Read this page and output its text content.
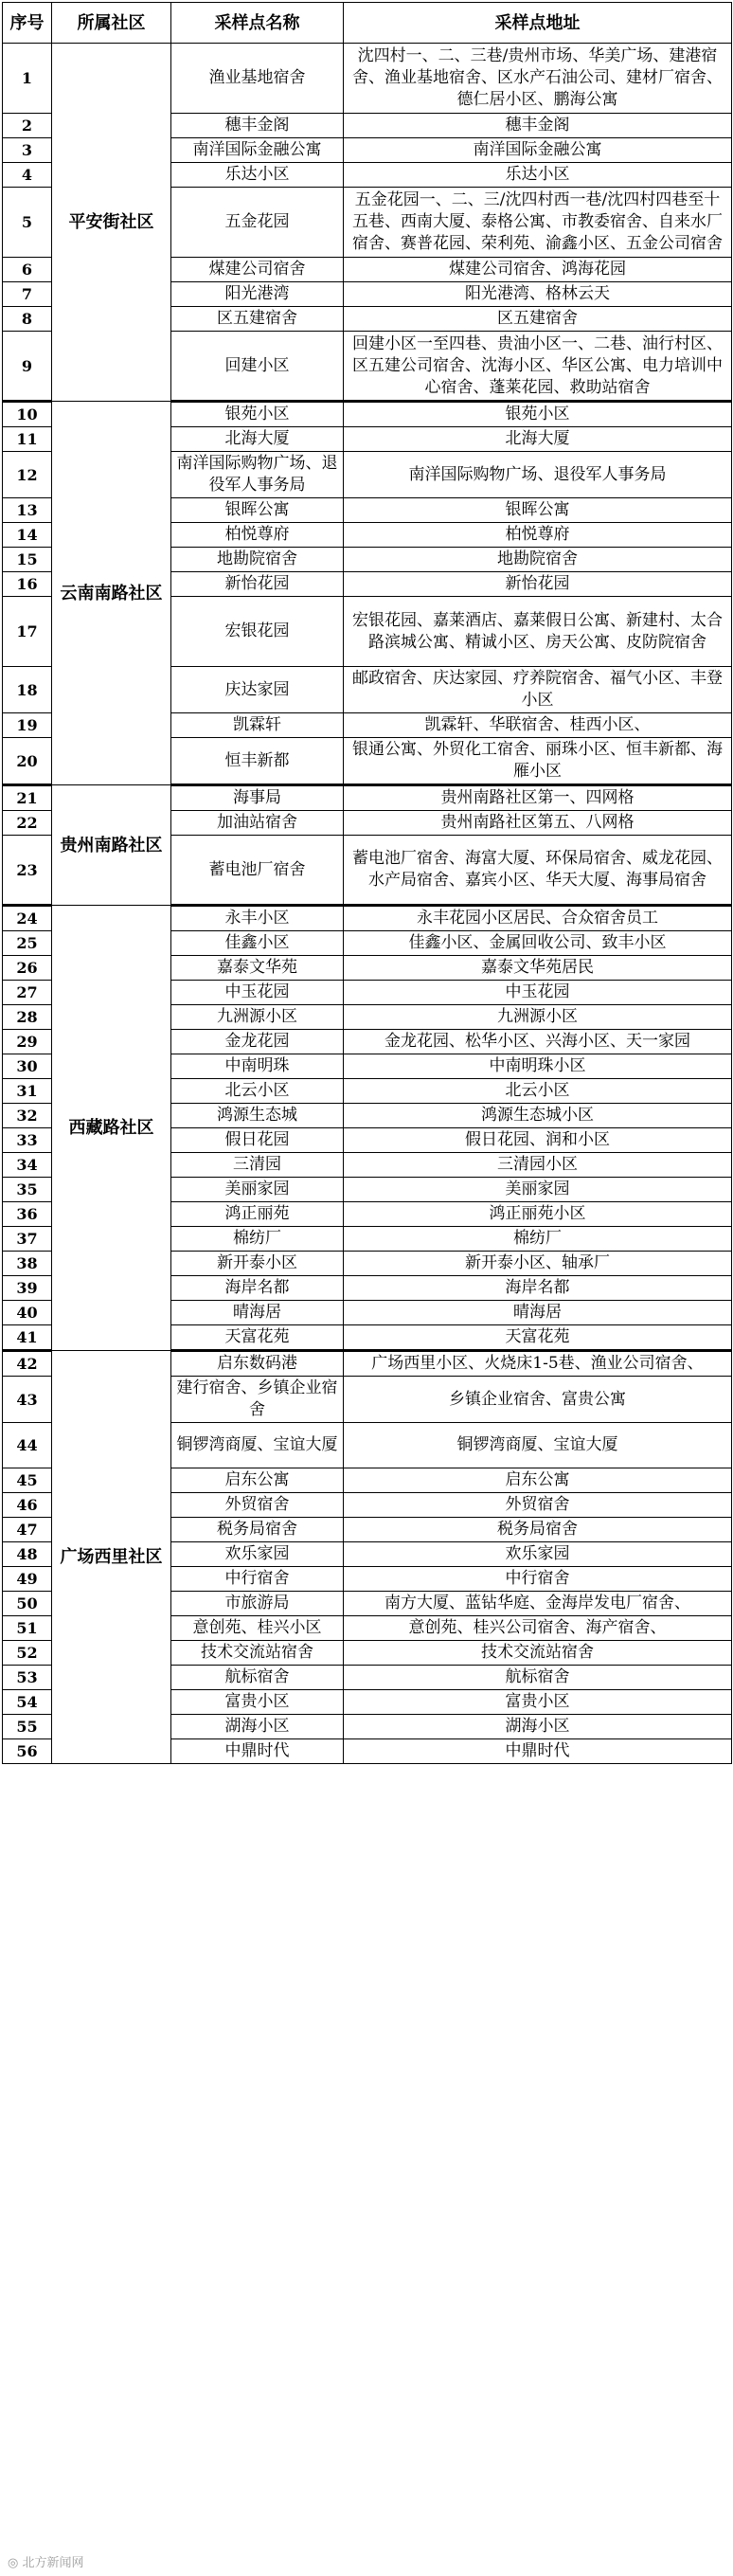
序号	所属社区	采样点名称	采样点地址
1	平安街社区	渔业基地宿舍	沈四村一、二、三巷/贵州市场、华美广场、建港宿舍、渔业基地宿舍、区水产石油公司、建材厂宿舍、德仁居小区、鹏海公寓
2		穗丰金阁	穗丰金阁
3		南洋国际金融公寓	南洋国际金融公寓
4		乐达小区	乐达小区
5		五金花园	五金花园一、二、三/沈四村西一巷/沈四村四巷至十五巷、西南大厦、泰格公寓、市教委宿舍、自来水厂宿舍、赛普花园、荣利苑、渝鑫小区、五金公司宿舍
6		煤建公司宿舍	煤建公司宿舍、鸿海花园
7		阳光港湾	阳光港湾、格林云天
8		区五建宿舍	区五建宿舍
9		回建小区	回建小区一至四巷、贵油小区一、二巷、油行村区、区五建公司宿舍、沈海小区、华区公寓、电力培训中心宿舍、蓬莱花园、救助站宿舍
10	云南南路社区	银苑小区	银苑小区
11		北海大厦	北海大厦
12		南洋国际购物广场、退役军人事务局	南洋国际购物广场、退役军人事务局
13		银晖公寓	银晖公寓
14		柏悦尊府	柏悦尊府
15		地勘院宿舍	地勘院宿舍
16		新怡花园	新怡花园
17		宏银花园	宏银花园、嘉莱酒店、嘉莱假日公寓、新建村、太合路滨城公寓、精诚小区、房天公寓、皮防院宿舍
18		庆达家园	邮政宿舍、庆达家园、疗养院宿舍、福气小区、丰登小区
19		凯霖轩	凯霖轩、华联宿舍、桂西小区、
20		恒丰新都	银通公寓、外贸化工宿舍、丽珠小区、恒丰新都、海雁小区
21	贵州南路社区	海事局	贵州南路社区第一、四网格
22		加油站宿舍	贵州南路社区第五、八网格
23		蓄电池厂宿舍	蓄电池厂宿舍、海富大厦、环保局宿舍、威龙花园、水产局宿舍、嘉宾小区、华天大厦、海事局宿舍
24	西藏路社区	永丰小区	永丰花园小区居民、合众宿舍员工
25		佳鑫小区	佳鑫小区、金属回收公司、致丰小区
26		嘉泰文华苑	嘉泰文华苑居民
27		中玉花园	中玉花园
28		九洲源小区	九洲源小区
29		金龙花园	金龙花园、松华小区、兴海小区、天一家园
30		中南明珠	中南明珠小区
31		北云小区	北云小区
32		鸿源生态城	鸿源生态城小区
33		假日花园	假日花园、润和小区
34		三清园	三清园小区
35		美丽家园	美丽家园
36		鸿正丽苑	鸿正丽苑小区
37		棉纺厂	棉纺厂
38		新开泰小区	新开泰小区、轴承厂
39		海岸名都	海岸名都
40		晴海居	晴海居
41		天富花苑	天富花苑
42	广场西里社区	启东数码港	广场西里小区、火烧床1-5巷、渔业公司宿舍、
43		建行宿舍、乡镇企业宿舍	乡镇企业宿舍、富贵公寓
44		铜锣湾商厦、宝谊大厦	铜锣湾商厦、宝谊大厦
45		启东公寓	启东公寓
46		外贸宿舍	外贸宿舍
47		税务局宿舍	税务局宿舍
48		欢乐家园	欢乐家园
49		中行宿舍	中行宿舍
50		市旅游局	南方大厦、蓝钻华庭、金海岸发电厂宿舍、
51		意创苑、桂兴小区	意创苑、桂兴公司宿舍、海产宿舍、
52		技术交流站宿舍	技术交流站宿舍
53		航标宿舍	航标宿舍
54		富贵小区	富贵小区
55		湖海小区	湖海小区
56		中鼎时代	中鼎时代
◎ 北方新闻网
